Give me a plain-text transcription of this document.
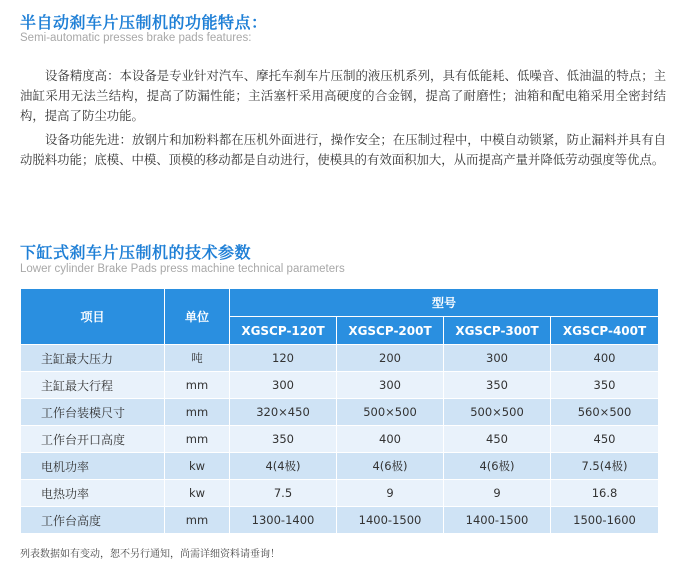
半自动刹车片压制机的功能特点：
Semi-automatic presses brake pads features:

设备精度高：本设备是专业针对汽车、摩托车刹车片压制的液压机系列，具有低能耗、低噪音、低油温的特点；主油缸采用无法兰结构，提高了防漏性能；主活塞杆采用高硬度的合金钢，提高了耐磨性；油箱和配电箱采用全密封结构，提高了防尘功能。

设备功能先进：放钢片和加粉料都在压机外面进行，操作安全；在压制过程中，中模自动锁紧，防止漏料并具有自动脱料功能；底模、中模、顶模的移动都是自动进行，使模具的有效面积加大，从而提高产量并降低劳动强度等优点。

下缸式刹车片压制机的技术参数
Lower cylinder Brake Pads press machine technical parameters
项目	单位	型号			
		XGSCP-120T	XGSCP-200T	XGSCP-300T	XGSCP-400T
主缸最大压力	吨	120	200	300	400
主缸最大行程	mm	300	300	350	350
工作台装模尺寸	mm	320×450	500×500	500×500	560×500
工作台开口高度	mm	350	400	450	450
电机功率	kw	4(4极)	4(6极)	4(6极)	7.5(4极)
电热功率	kw	7.5	9	9	16.8
工作台高度	mm	1300-1400	1400-1500	1400-1500	1500-1600
列表数据如有变动，恕不另行通知，尚需详细资料请垂询！
